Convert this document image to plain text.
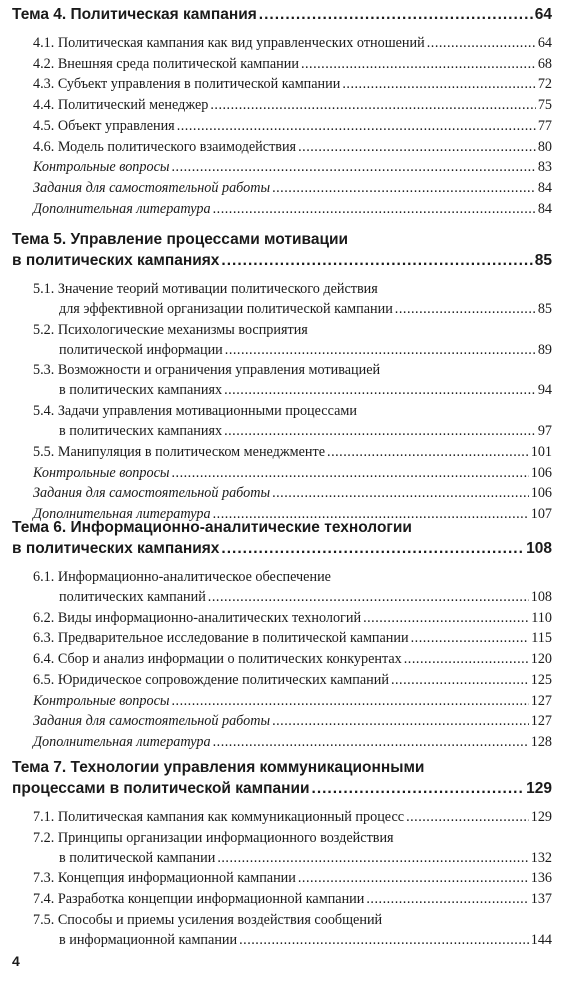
Тема 4. Политическая кампания .....	64
4.1. Политическая кампания как вид управленческих отношений .....	64
4.2. Внешняя среда политической кампании .....	68
4.3. Субъект управления в политической кампании .....	72
4.4. Политический менеджер .....	75
4.5. Объект управления .....	77
4.6. Модель политического взаимодействия .....	80
Контрольные вопросы .....	83
Задания для самостоятельной работы .....	84
Дополнительная литература .....	84
Тема 5. Управление процессами мотивации
в политических кампаниях .....	85
5.1. Значение теорий мотивации политического действия
для эффективной организации политической кампании .....	85
5.2. Психологические механизмы восприятия
политической информации .....	89
5.3. Возможности и ограничения управления мотивацией
в политических кампаниях .....	94
5.4. Задачи управления мотивационными процессами
в политических кампаниях .....	97
5.5. Манипуляция в политическом менеджменте .....	101
Контрольные вопросы .....	106
Задания для самостоятельной работы .....	106
Дополнительная литература .....	107
Тема 6. Информационно-аналитические технологии
в политических кампаниях .....	108
6.1. Информационно-аналитическое обеспечение
политических кампаний .....	108
6.2. Виды информационно-аналитических технологий .....	110
6.3. Предварительное исследование в политической кампании .....	115
6.4. Сбор и анализ информации о политических конкурентах .....	120
6.5. Юридическое сопровождение политических кампаний .....	125
Контрольные вопросы .....	127
Задания для самостоятельной работы .....	127
Дополнительная литература .....	128
Тема 7. Технологии управления коммуникационными
процессами в политической кампании .....	129
7.1. Политическая кампания как коммуникационный процесс .....	129
7.2. Принципы организации информационного воздействия
в политической кампании .....	132
7.3. Концепция информационной кампании .....	136
7.4. Разработка концепции информационной кампании .....	137
7.5. Способы и приемы усиления воздействия сообщений
в информационной кампании .....	144
4
